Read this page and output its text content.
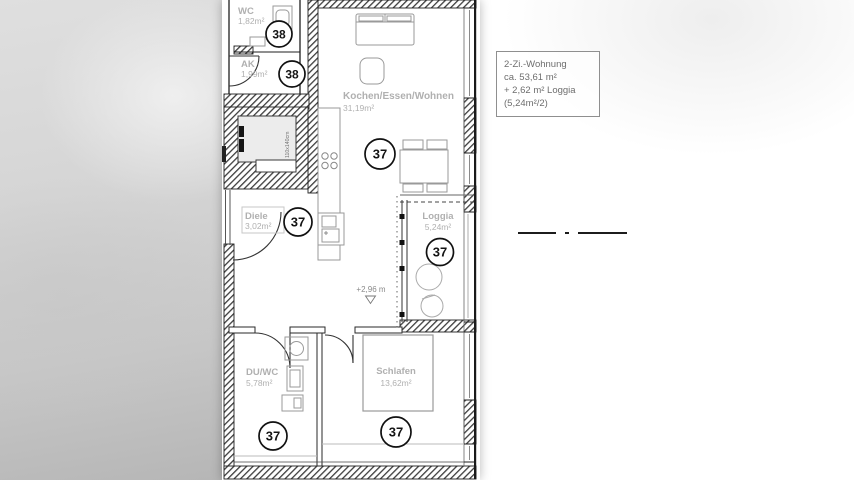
110x140cm
WC
1,82m²
AK
1,99m²
Kochen/Essen/Wohnen
31,19m²
Diele
3,02m²
Loggia
5,24m²
DU/WC
5,78m²
Schlafen
13,62m²
+2,96 m
38
38
37
37
37
37	37
2-Zi.-Wohnung
ca. 53,61 m²
+ 2,62 m² Loggia
(5,24m²/2)
